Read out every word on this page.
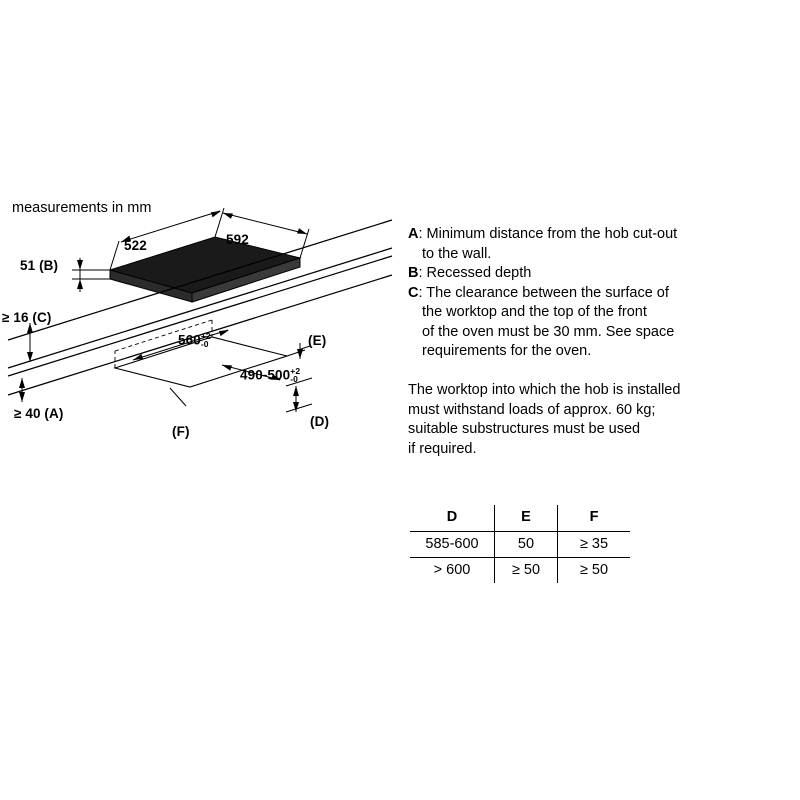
measurements in mm
522	592
51 (B)
≥ 16 (C)
≥ 40 (A)
560 +2
-0
490-500 +2
-0
(E)
(F)
(D)
A: Minimum distance from the hob cut-out
to the wall.
B: Recessed depth
C: The clearance between the surface of
the worktop and the top of the front
of the oven must be 30 mm. See space
requirements for the oven.
The worktop into which the hob is installed
must withstand loads of approx. 60 kg;
suitable substructures must be used
if required.
D	E	F
585-600	50	≥ 35
> 600	≥ 50	≥ 50
